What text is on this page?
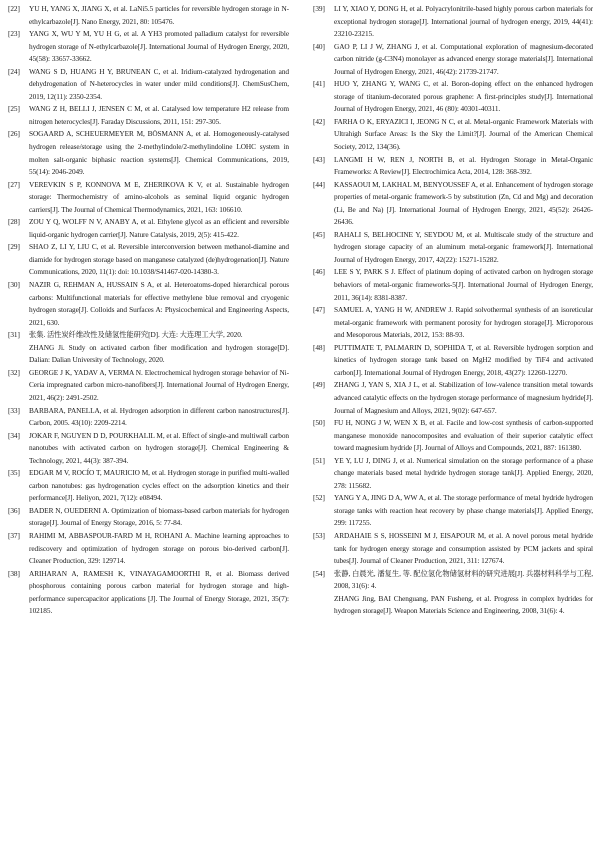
[22] YU H, YANG X, JIANG X, et al. LaNi5.5 particles for reversible hydrogen storage in N-ethylcarbazole[J]. Nano Energy, 2021, 80: 105476.
[23] YANG X, WU Y M, YU H G, et al. A YH3 promoted palladium catalyst for reversible hydrogen storage of N-ethylcarbazole[J]. International Journal of Hydrogen Energy, 2020, 45(58): 33657-33662.
[24] WANG S D, HUANG H Y, BRUNEAN C, et al. Iridium-catalyzed hydrogenation and dehydrogenation of N-heterocycles in water under mild conditions[J]. ChemSusChem, 2019, 12(11): 2350-2354.
[25] WANG Z H, BELLI J, JENSEN C M, et al. Catalysed low temperature H2 release from nitrogen heterocycles[J]. Faraday Discussions, 2011, 151: 297-305.
[26] SOGAARD A, SCHEUERMEYER M, BÖSMANN A, et al. Homogeneously-catalysed hydrogen release/storage using the 2-methylindole/2-methylindoline LOHC system in molten salt-organic biphasic reaction systems[J]. Chemical Communications, 2019, 55(14): 2046-2049.
[27] VEREVKIN S P, KONNOVA M E, ZHERIKOVA K V, et al. Sustainable hydrogen storage: Thermochemistry of amino-alcohols as seminal liquid organic hydrogen carriers[J]. The Journal of Chemical Thermodynamics, 2021, 163: 106610.
[28] ZOU Y Q, WOLFF N V, ANABY A, et al. Ethylene glycol as an efficient and reversible liquid-organic hydrogen carrier[J]. Nature Catalysis, 2019, 2(5): 415-422.
[29] SHAO Z, LI Y, LIU C, et al. Reversible interconversion between methanol-diamine and diamide for hydrogen storage based on manganese catalyzed (de)hydrogenation[J]. Nature Communications, 2020, 11(1): doi: 10.1038/S41467-020-14380-3.
[30] NAZIR G, REHMAN A, HUSSAIN S A, et al. Heteroatoms-doped hierarchical porous carbons: Multifunctional materials for effective methylene blue removal and cryogenic hydrogen storage[J]. Colloids and Surfaces A: Physicochemical and Engineering Aspects, 2021, 630.
[31] 张集. 活性炭纤维改性及储氢性能研究[D]. 大连: 大连理工大学, 2020.
ZHANG Ji. Study on activated carbon fiber modification and hydrogen storage[D]. Dalian: Dalian University of Technology, 2020.
[32] GEORGE J K, YADAV A, VERMA N. Electrochemical hydrogen storage behavior of Ni-Ceria impregnated carbon micro-nanofibers[J]. International Journal of Hydrogen Energy, 2021, 46(2): 2491-2502.
[33] BARBARA, PANELLA, et al. Hydrogen adsorption in different carbon nanostructures[J]. Carbon, 2005. 43(10): 2209-2214.
[34] JOKAR F, NGUYEN D D, POURKHALIL M, et al. Effect of single-and multiwall carbon nanotubes with activated carbon on hydrogen storage[J]. Chemical Engineering & Technology, 2021, 44(3): 387-394.
[35] EDGAR M V, ROCÍO T, MAURICIO M, et al. Hydrogen storage in purified multi-walled carbon nanotubes: gas hydrogenation cycles effect on the adsorption kinetics and their performance[J]. Heliyon, 2021, 7(12): e08494.
[36] BADER N, OUEDERNI A. Optimization of biomass-based carbon materials for hydrogen storage[J]. Journal of Energy Storage, 2016, 5: 77-84.
[37] RAHIMI M, ABBASPOUR-FARD M H, ROHANI A. Machine learning approaches to rediscovery and optimization of hydrogen storage on porous bio-derived carbon[J]. Cleaner Production, 329: 129714.
[38] ARIHARAN A, RAMESH K, VINAYAGAMOORTHI R, et al. Biomass derived phosphorous containing porous carbon material for hydrogen storage and high-performance supercapacitor applications [J]. The Journal of Energy Storage, 2021, 35(7): 102185.
[39] LI Y, XIAO Y, DONG H, et al. Polyacrylonitrile-based highly porous carbon materials for exceptional hydrogen storage[J]. International journal of hydrogen energy, 2019, 44(41): 23210-23215.
[40] GAO P, LI J W, ZHANG J, et al. Computational exploration of magnesium-decorated carbon nitride (g-C3N4) monolayer as advanced energy storage materials[J]. International Journal of Hydrogen Energy, 2021, 46(42): 21739-21747.
[41] HUO Y, ZHANG Y, WANG C, et al. Boron-doping effect on the enhanced hydrogen storage of titanium-decorated porous graphene: A first-principles study[J]. International Journal of Hydrogen Energy, 2021, 46 (80): 40301-40311.
[42] FARHA O K, ERYAZICI I, JEONG N C, et al. Metal-organic Framework Materials with Ultrahigh Surface Areas: Is the Sky the Limit?[J]. Journal of the American Chemical Society, 2012, 134(36).
[43] LANGMI H W, REN J, NORTH B, et al. Hydrogen Storage in Metal-Organic Frameworks: A Review[J]. Electrochimica Acta, 2014, 128: 368-392.
[44] KASSAOUI M, LAKHAL M, BENYOUSSEF A, et al. Enhancement of hydrogen storage properties of metal-organic framework-5 by substitution (Zn, Cd and Mg) and decoration (Li, Be and Na) [J]. International Journal of Hydrogen Energy, 2021, 45(52): 26426-26436.
[45] RAHALI S, BELHOCINE Y, SEYDOU M, et al. Multiscale study of the structure and hydrogen storage capacity of an aluminum metal-organic framework[J]. International Journal of Hydrogen Energy, 2017, 42(22): 15271-15282.
[46] LEE S Y, PARK S J. Effect of platinum doping of activated carbon on hydrogen storage behaviors of metal-organic frameworks-5[J]. International Journal of Hydrogen Energy, 2011, 36(14): 8381-8387.
[47] SAMUEL A, YANG H W, ANDREW J. Rapid solvothermal synthesis of an isoreticular metal-organic framework with permanent porosity for hydrogen storage[J]. Microporous and Mesoporous Materials, 2012, 153: 88-93.
[48] PUTTIMATE T, PALMARIN D, SOPHIDA T, et al. Reversible hydrogen sorption and kinetics of hydrogen storage tank based on MgH2 modified by TiF4 and activated carbon[J]. International Journal of Hydrogen Energy, 2018, 43(27): 12260-12270.
[49] ZHANG J, YAN S, XIA J L, et al. Stabilization of low-valence transition metal towards advanced catalytic effects on the hydrogen storage performance of magnesium hydride[J]. Journal of Magnesium and Alloys, 2021, 9(02): 647-657.
[50] FU H, NONG J W, WEN X B, et al. Facile and low-cost synthesis of carbon-supported manganese monoxide nanocomposites and evaluation of their superior catalytic effect toward magnesium hydride [J]. Journal of Alloys and Compounds, 2021, 887: 161380.
[51] YE Y, LU J, DING J, et al. Numerical simulation on the storage performance of a phase change materials based metal hydride hydrogen storage tank[J]. Applied Energy, 2020, 278: 115682.
[52] YANG Y A, JING D A, WW A, et al. The storage performance of metal hydride hydrogen storage tanks with reaction heat recovery by phase change materials[J]. Applied Energy, 299: 117255.
[53] ARDAHAIE S S, HOSSEINI M J, EISAPOUR M, et al. A novel porous metal hydride tank for hydrogen energy storage and consumption assisted by PCM jackets and spiral tubes[J]. Journal of Cleaner Production, 2021, 311: 127674.
[54] 张静, 白晨光, 潘复生, 等. 配位氢化物储氢材料的研究进展[J]. 兵器材料科学与工程, 2008, 31(6): 4.
ZHANG Jing, BAI Chenguang, PAN Fusheng, et al. Progress in complex hydrides for hydrogen storage[J]. Weapon Materials Science and Engineering, 2008, 31(6): 4.
